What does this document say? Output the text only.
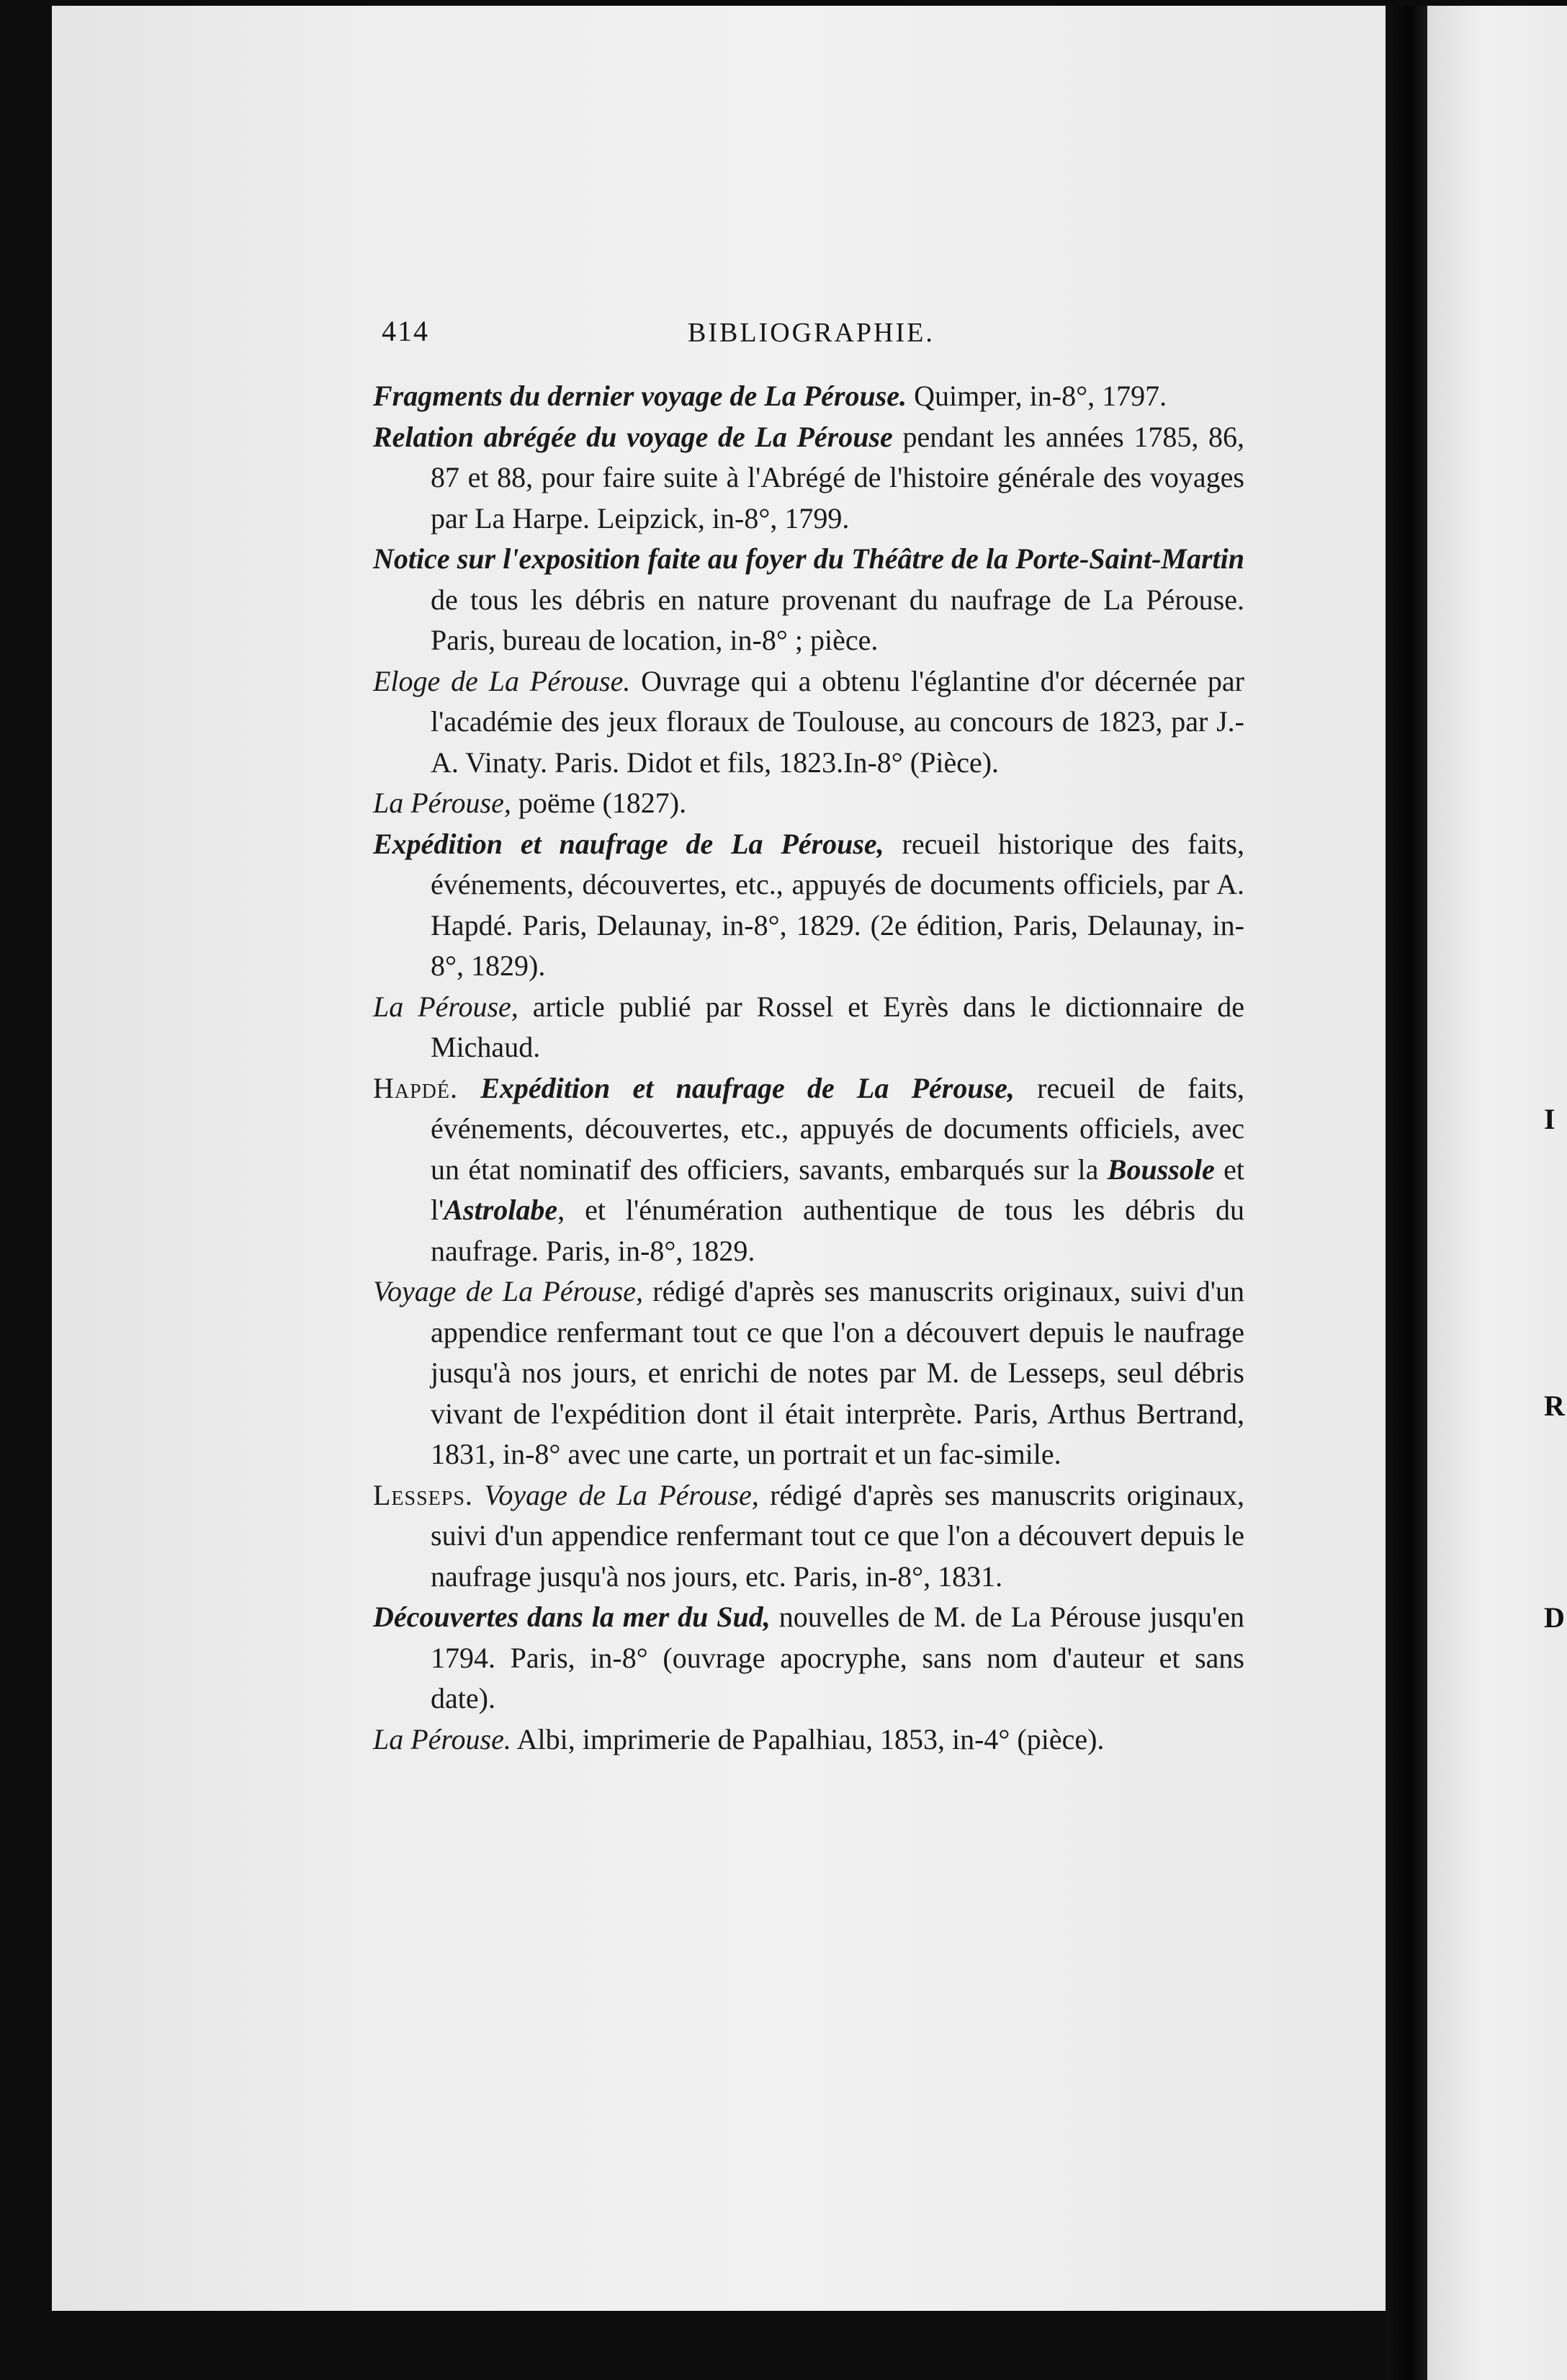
I
R
D
414	BIBLIOGRAPHIE.

Fragments du dernier voyage de La Pérouse. Quimper, in-8°, 1797.

Relation abrégée du voyage de La Pérouse pendant les années 1785, 86, 87 et 88, pour faire suite à l'Abrégé de l'histoire générale des voyages par La Harpe. Leipzick, in-8°, 1799.

Notice sur l'exposition faite au foyer du Théâtre de la Porte-Saint-Martin de tous les débris en nature provenant du naufrage de La Pérouse. Paris, bureau de location, in-8° ; pièce.

Eloge de La Pérouse. Ouvrage qui a obtenu l'églantine d'or décernée par l'académie des jeux floraux de Toulouse, au concours de 1823, par J.-A. Vinaty. Paris. Didot et fils, 1823.In-8° (Pièce).

La Pérouse, poëme (1827).

Expédition et naufrage de La Pérouse, recueil historique des faits, événements, découvertes, etc., appuyés de documents officiels, par A. Hapdé. Paris, Delaunay, in-8°, 1829. (2e édition, Paris, Delaunay, in-8°, 1829).

La Pérouse, article publié par Rossel et Eyrès dans le dictionnaire de Michaud.

Hapdé. Expédition et naufrage de La Pérouse, recueil de faits, événements, découvertes, etc., appuyés de documents officiels, avec un état nominatif des officiers, savants, embarqués sur la Boussole et l'Astrolabe, et l'énumération authentique de tous les débris du naufrage. Paris, in-8°, 1829.

Voyage de La Pérouse, rédigé d'après ses manuscrits originaux, suivi d'un appendice renfermant tout ce que l'on a découvert depuis le naufrage jusqu'à nos jours, et enrichi de notes par M. de Lesseps, seul débris vivant de l'expédition dont il était interprète. Paris, Arthus Bertrand, 1831, in-8° avec une carte, un portrait et un fac-simile.

Lesseps. Voyage de La Pérouse, rédigé d'après ses manuscrits originaux, suivi d'un appendice renfermant tout ce que l'on a découvert depuis le naufrage jusqu'à nos jours, etc. Paris, in-8°, 1831.

Découvertes dans la mer du Sud, nouvelles de M. de La Pérouse jusqu'en 1794. Paris, in-8° (ouvrage apocryphe, sans nom d'auteur et sans date).

La Pérouse. Albi, imprimerie de Papalhiau, 1853, in-4° (pièce).
